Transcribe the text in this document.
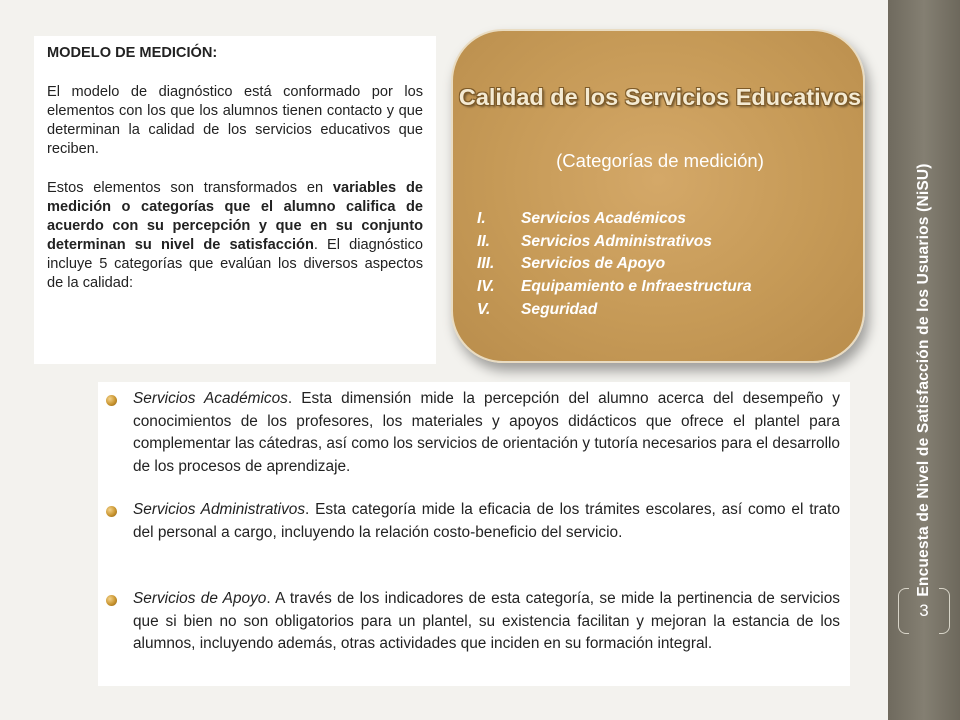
Encuesta de Nivel de Satisfacción de los Usuarios (NiSU)
3
MODELO DE MEDICIÓN:

El modelo de diagnóstico está conformado por los elementos con los que los alumnos tienen contacto y que determinan la calidad de los servicios educativos que reciben.

Estos elementos son transformados en variables de medición o categorías que el alumno califica de acuerdo con su percepción y que en su conjunto determinan su nivel de satisfacción. El diagnóstico incluye 5 categorías que evalúan los diversos aspectos de la calidad:

Calidad de los Servicios Educativos
(Categorías de medición)
I. Servicios Académicos
II. Servicios Administrativos
III. Servicios de Apoyo
IV. Equipamiento e Infraestructura
V. Seguridad
Servicios Académicos. Esta dimensión mide la percepción del alumno acerca del desempeño y conocimientos de los profesores, los materiales y apoyos didácticos que ofrece el plantel para complementar las cátedras, así como los servicios de orientación y tutoría necesarios para el desarrollo de los procesos de aprendizaje.
Servicios Administrativos. Esta categoría mide la eficacia de los trámites escolares, así como el trato del personal a cargo, incluyendo la relación costo-beneficio del servicio.
Servicios de Apoyo. A través de los indicadores de esta categoría, se mide la pertinencia de servicios que si bien no son obligatorios para un plantel, su existencia facilitan y mejoran la estancia de los alumnos, incluyendo además, otras actividades que inciden en su formación integral.
